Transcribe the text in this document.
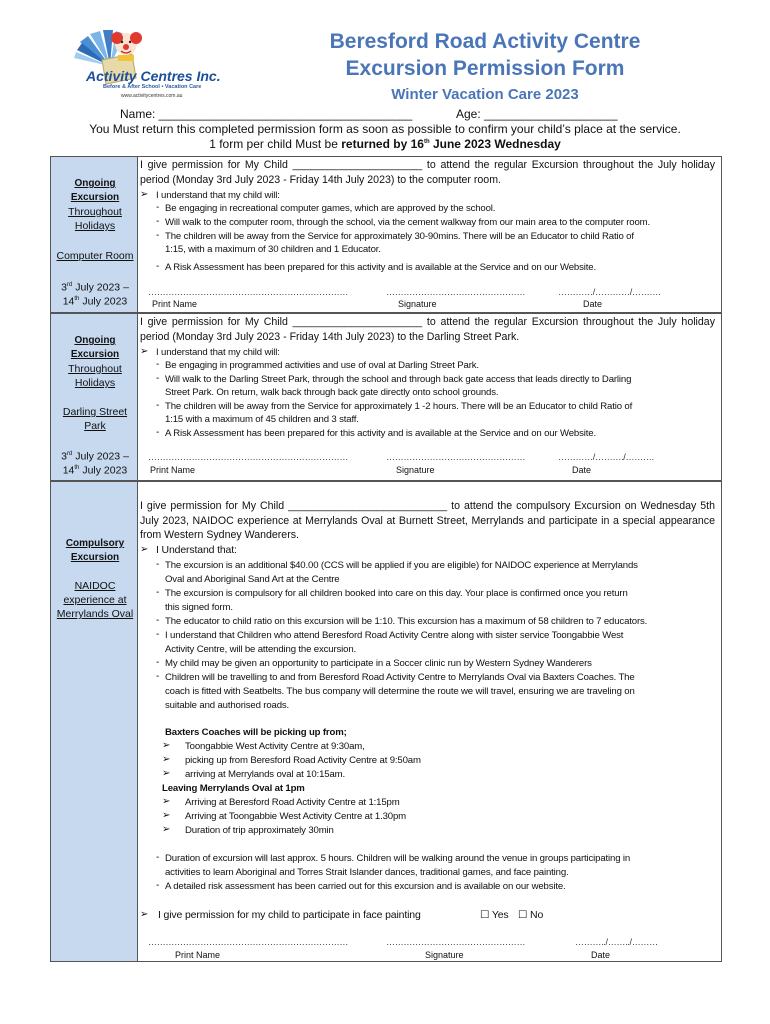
Activity Centres Inc.
Before & After School • Vacation Care
www.activitycentres.com.au
Beresford Road Activity Centre
Excursion Permission Form
Winter Vacation Care 2023
Name: ______________________________________	Age: ____________________
You Must return this completed permission form as soon as possible to confirm your child’s place at the service.
1 form per child Must be returned by 16th June 2023 Wednesday
Ongoing
Excursion
Throughout
Holidays
Computer Room
3rd July 2023 –
14th July 2023
I give permission for My Child ______________________ to attend the regular Excursion throughout the July holiday period (Monday 3rd July 2023 - Friday 14th July 2023) to the computer room.
➢ I understand that my child will:
- Be engaging in recreational computer games, which are approved by the school.
- Will walk to the computer room, through the school, via the cement walkway from our main area to the computer room.
- The children will be away from the Service for approximately 30-90mins. There will be an Educator to child Ratio of
1:15, with a maximum of 30 children and 1 Educator.
- A Risk Assessment has been prepared for this activity and is available at the Service and on our Website.
……………………………………………………………	…………………………………………	…………/…………/……….
Print Name	Signature	Date
Ongoing
Excursion
Throughout
Holidays
Darling Street
Park
3rd July 2023 –
14th July 2023
I give permission for My Child ______________________ to attend the regular Excursion throughout the July holiday period (Monday 3rd July 2023 - Friday 14th July 2023) to the Darling Street Park.
➢ I understand that my child will:
- Be engaging in programmed activities and use of oval at Darling Street Park.
- Will walk to the Darling Street Park, through the school and through back gate access that leads directly to Darling
Street Park. On return, walk back through back gate directly onto school grounds.
- The children will be away from the Service for approximately 1 -2 hours. There will be an Educator to child Ratio of
1:15 with a maximum of 45 children and 3 staff.
- A Risk Assessment has been prepared for this activity and is available at the Service and on our Website.
……………………………………………………………	…………………………………………	…………/………./……….
Print Name	Signature	Date
Compulsory
Excursion
NAIDOC
experience at
Merrylands Oval
I give permission for My Child ___________________________ to attend the compulsory Excursion on Wednesday 5th July 2023, NAIDOC experience at Merrylands Oval at Burnett Street, Merrylands and participate in a special appearance from Western Sydney Wanderers.
➢ I Understand that:
- The excursion is an additional $40.00 (CCS will be applied if you are eligible) for NAIDOC experience at Merrylands
Oval and Aboriginal Sand Art at the Centre
- The excursion is compulsory for all children booked into care on this day. Your place is confirmed once you return
this signed form.
- The educator to child ratio on this excursion will be 1:10. This excursion has a maximum of 58 children to 7 educators.
- I understand that Children who attend Beresford Road Activity Centre along with sister service Toongabbie West
Activity Centre, will be attending the excursion.
- My child may be given an opportunity to participate in a Soccer clinic run by Western Sydney Wanderers
- Children will be travelling to and from Beresford Road Activity Centre to Merrylands Oval via Baxters Coaches. The
coach is fitted with Seatbelts. The bus company will determine the route we will travel, ensuring we are traveling on
suitable and authorised roads.
Baxters Coaches will be picking up from;
➢ Toongabbie West Activity Centre at 9:30am,
➢ picking up from Beresford Road Activity Centre at 9:50am
➢ arriving at Merrylands oval at 10:15am.
Leaving Merrylands Oval at 1pm
➢ Arriving at Beresford Road Activity Centre at 1:15pm
➢ Arriving at Toongabbie West Activity Centre at 1.30pm
➢ Duration of trip approximately 30min
- Duration of excursion will last approx. 5 hours. Children will be walking around the venue in groups participating in
activities to learn Aboriginal and Torres Strait Islander dances, traditional games, and face painting.
- A detailed risk assessment has been carried out for this excursion and is available on our website.
➢ I give permission for my child to participate in face painting	☐ Yes ☐ No
……………………………………………………………	…………………………………………	………../……../………
Print Name	Signature	Date
